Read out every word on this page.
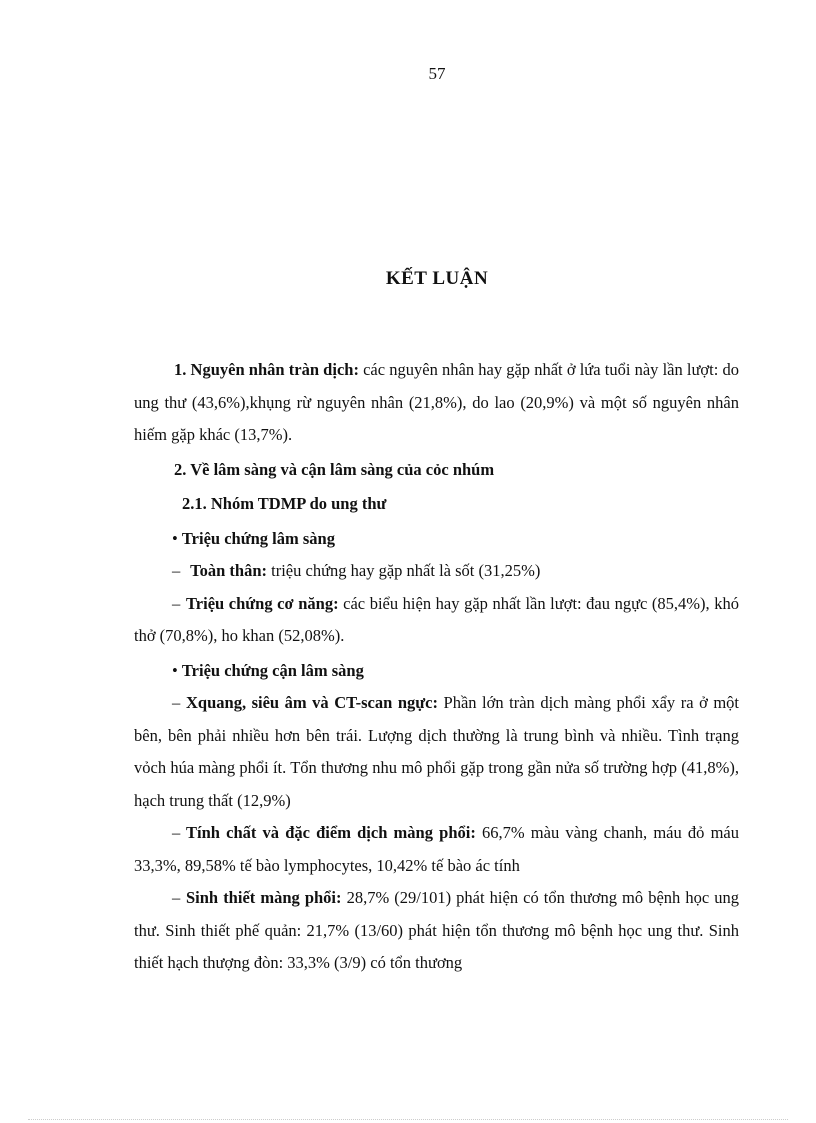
57
KẾT LUẬN

1. Nguyên nhân tràn dịch: các nguyên nhân hay gặp nhất ở lứa tuổi này lần lượt: do ung thư (43,6%),khụng rừ nguyên nhân (21,8%), do lao (20,9%) và một số nguyên nhân hiếm gặp khác (13,7%).

2. Về lâm sàng và cận lâm sàng của cỏc nhúm

2.1. Nhóm TDMP do ung thư

• Triệu chứng lâm sàng

– Toàn thân: triệu chứng hay gặp nhất là sốt (31,25%)

– Triệu chứng cơ năng: các biểu hiện hay gặp nhất lần lượt: đau ngực (85,4%), khó thở (70,8%), ho khan (52,08%).

• Triệu chứng cận lâm sàng

– Xquang, siêu âm và CT-scan ngực: Phần lớn tràn dịch màng phổi xẩy ra ở một bên, bên phải nhiều hơn bên trái. Lượng dịch thường là trung bình và nhiều. Tình trạng vỏch húa màng phổi ít. Tổn thương nhu mô phổi gặp trong gần nửa số trường hợp (41,8%), hạch trung thất (12,9%)

– Tính chất và đặc điểm dịch màng phổi: 66,7% màu vàng chanh, máu đỏ máu 33,3%, 89,58% tế bào lymphocytes, 10,42% tế bào ác tính

– Sinh thiết màng phổi: 28,7% (29/101) phát hiện có tổn thương mô bệnh học ung thư. Sinh thiết phế quản: 21,7% (13/60) phát hiện tổn thương mô bệnh học ung thư. Sinh thiết hạch thượng đòn: 33,3% (3/9) có tổn thương
